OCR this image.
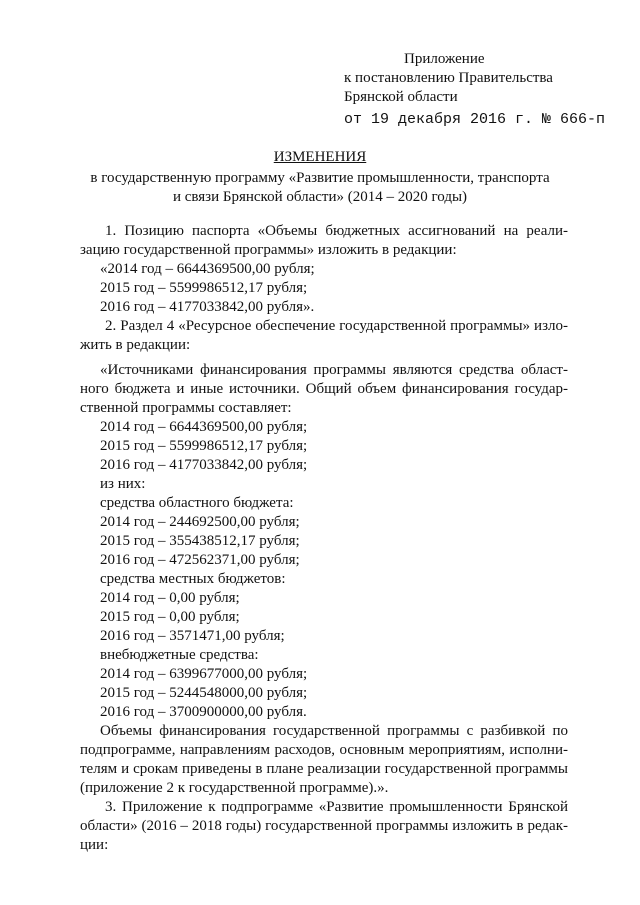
Приложение
к постановлению Правительства
Брянской области
от 19 декабря 2016 г. № 666-п
ИЗМЕНЕНИЯ
в государственную программу «Развитие промышленности, транспорта
и связи Брянской области» (2014 – 2020 годы)
1. Позицию паспорта «Объемы бюджетных ассигнований на реали-
зацию государственной программы» изложить в редакции:
«2014 год – 6644369500,00 рубля;
2015 год – 5599986512,17 рубля;
2016 год – 4177033842,00 рубля».
2. Раздел 4 «Ресурсное обеспечение государственной программы» изло-
жить в редакции:
«Источниками финансирования программы являются средства област-
ного бюджета и иные источники. Общий объем финансирования государ-
ственной программы составляет:
2014 год – 6644369500,00 рубля;
2015 год – 5599986512,17 рубля;
2016 год – 4177033842,00 рубля;
из них:
средства областного бюджета:
2014 год – 244692500,00 рубля;
2015 год – 355438512,17 рубля;
2016 год – 472562371,00 рубля;
средства местных бюджетов:
2014 год – 0,00 рубля;
2015 год – 0,00 рубля;
2016 год – 3571471,00 рубля;
внебюджетные средства:
2014 год – 6399677000,00 рубля;
2015 год – 5244548000,00 рубля;
2016 год – 3700900000,00 рубля.
Объемы финансирования государственной программы с разбивкой по
подпрограмме, направлениям расходов, основным мероприятиям, исполни-
телям и срокам приведены в плане реализации государственной программы
(приложение 2 к государственной программе).».
3. Приложение к подпрограмме «Развитие промышленности Брянской
области» (2016 – 2018 годы) государственной программы изложить в редак-
ции:
